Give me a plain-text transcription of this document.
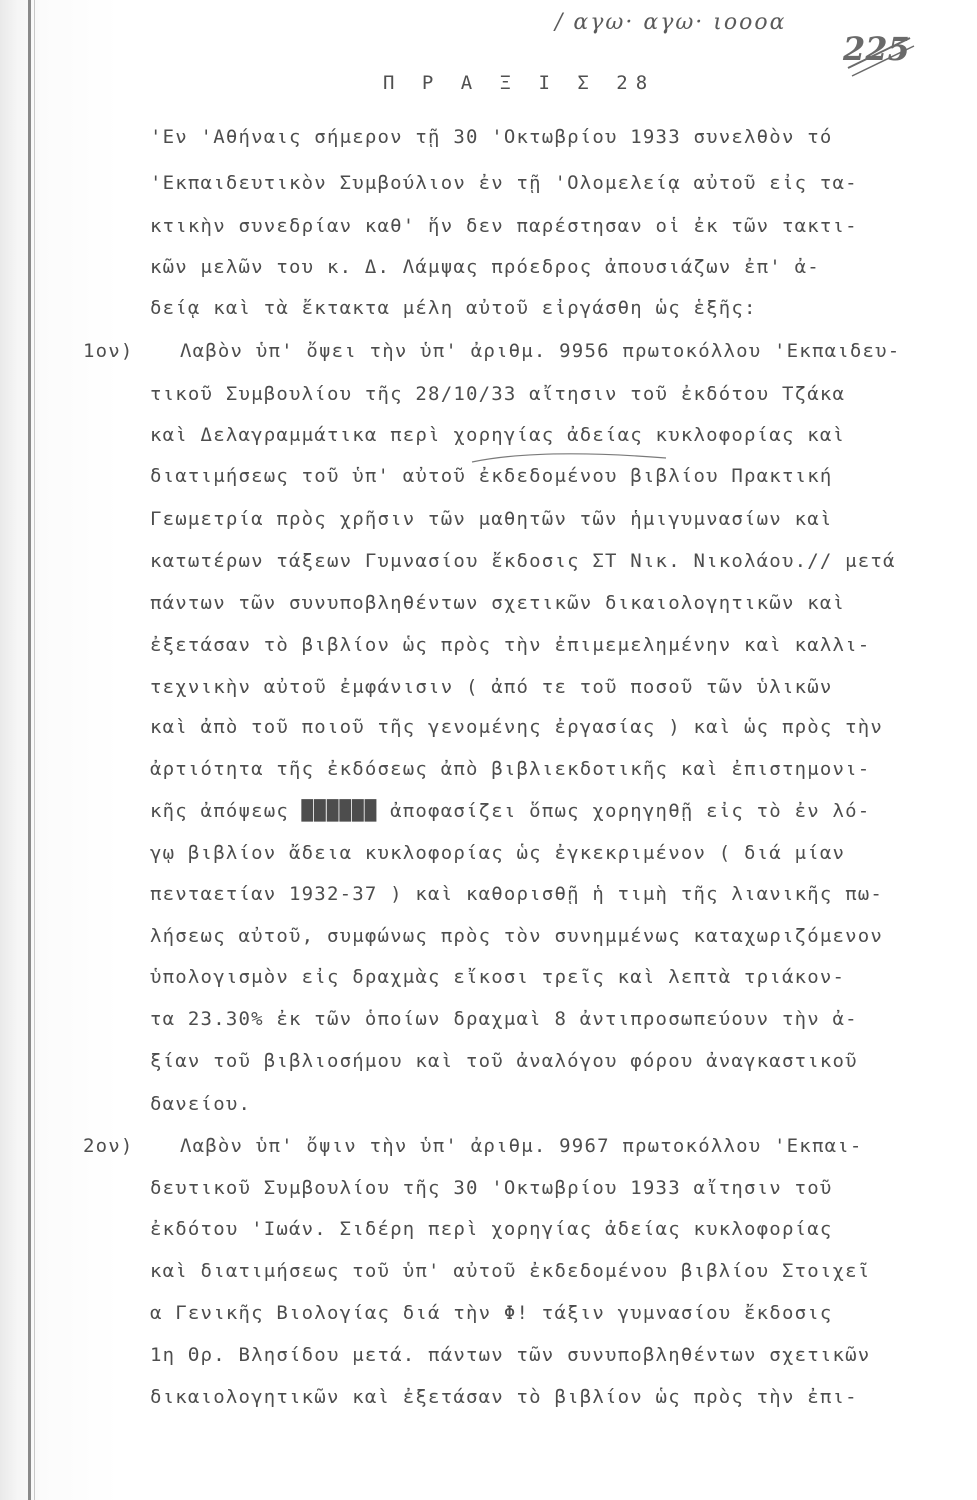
/ αγω· αγω· ιοοοα
225
Π Ρ Α Ξ Ι Σ 28
'Εν 'Αθήναις σήμερον τῇ 30 'Οκτωβρίου 1933 συνελθὸν τό
'Εκπαιδευτικὸν Συμβούλιον ἐν τῇ 'Ολομελείᾳ αὐτοῦ εἰς τα-
κτικὴν συνεδρίαν καθ' ἥν δεν παρέστησαν οἱ ἐκ τῶν τακτι-
κῶν μελῶν του κ. Δ. Λάμψας πρόεδρος ἀπουσιάζων ἐπ' ἀ-
δείᾳ καὶ τὰ ἔκτακτα μέλη αὐτοῦ εἰργάσθη ὡς ἑξῆς:
1ον) Λαβὸν ὑπ' ὄψει τὴν ὑπ' ἀριθμ. 9956 πρωτοκόλλου 'Εκπαιδευ-
τικοῦ Συμβουλίου τῆς 28/10/33 αἴτησιν τοῦ ἐκδότου Τζάκα
καὶ Δελαγραμμάτικα περὶ χορηγίας ἀδείας κυκλοφορίας καὶ
διατιμήσεως τοῦ ὑπ' αὐτοῦ ἐκδεδομένου βιβλίου Πρακτική
Γεωμετρία πρὸς χρῆσιν τῶν μαθητῶν τῶν ἡμιγυμνασίων καὶ
κατωτέρων τάξεων Γυμνασίου ἔκδοσις ΣΤ Νικ. Νικολάου.// μετά
πάντων τῶν συνυποβληθέντων σχετικῶν δικαιολογητικῶν καὶ
ἐξετάσαν τὸ βιβλίον ὡς πρὸς τὴν ἐπιμεμελημένην καὶ καλλι-
τεχνικὴν αὐτοῦ ἐμφάνισιν ( ἀπό τε τοῦ ποσοῦ τῶν ὑλικῶν
καὶ ἀπὸ τοῦ ποιοῦ τῆς γενομένης ἐργασίας ) καὶ ὡς πρὸς τὴν
ἀρτιότητα τῆς ἐκδόσεως ἀπὸ βιβλιεκδοτικῆς καὶ ἐπιστημονι-
κῆς ἀπόψεως ██████ ἀποφασίζει ὅπως χορηγηθῇ εἰς τὸ ἐν λό-
γῳ βιβλίον ἄδεια κυκλοφορίας ὡς ἐγκεκριμένον ( διά μίαν
πενταετίαν 1932-37 ) καὶ καθορισθῇ ἡ τιμὴ τῆς λιανικῆς πω-
λήσεως αὐτοῦ, συμφώνως πρὸς τὸν συνημμένως καταχωριζόμενον
ὑπολογισμὸν εἰς δραχμὰς εἴκοσι τρεῖς καὶ λεπτὰ τριάκον-
τα 23.30% ἐκ τῶν ὁποίων δραχμαὶ 8 ἀντιπροσωπεύουν τὴν ἀ-
ξίαν τοῦ βιβλιοσήμου καὶ τοῦ ἀναλόγου φόρου ἀναγκαστικοῦ
δανείου.
2ον) Λαβὸν ὑπ' ὄψιν τὴν ὑπ' ἀριθμ. 9967 πρωτοκόλλου 'Εκπαι-
δευτικοῦ Συμβουλίου τῆς 30 'Οκτωβρίου 1933 αἴτησιν τοῦ
ἐκδότου 'Ιωάν. Σιδέρη περὶ χορηγίας ἀδείας κυκλοφορίας
καὶ διατιμήσεως τοῦ ὑπ' αὐτοῦ ἐκδεδομένου βιβλίου Στοιχεῖ
α Γενικῆς Βιολογίας διά τὴν Φ! τάξιν γυμνασίου ἔκδοσις
1η Θρ. Βλησίδου μετά. πάντων τῶν συνυποβληθέντων σχετικῶν
δικαιολογητικῶν καὶ ἐξετάσαν τὸ βιβλίον ὡς πρὸς τὴν ἐπι-
